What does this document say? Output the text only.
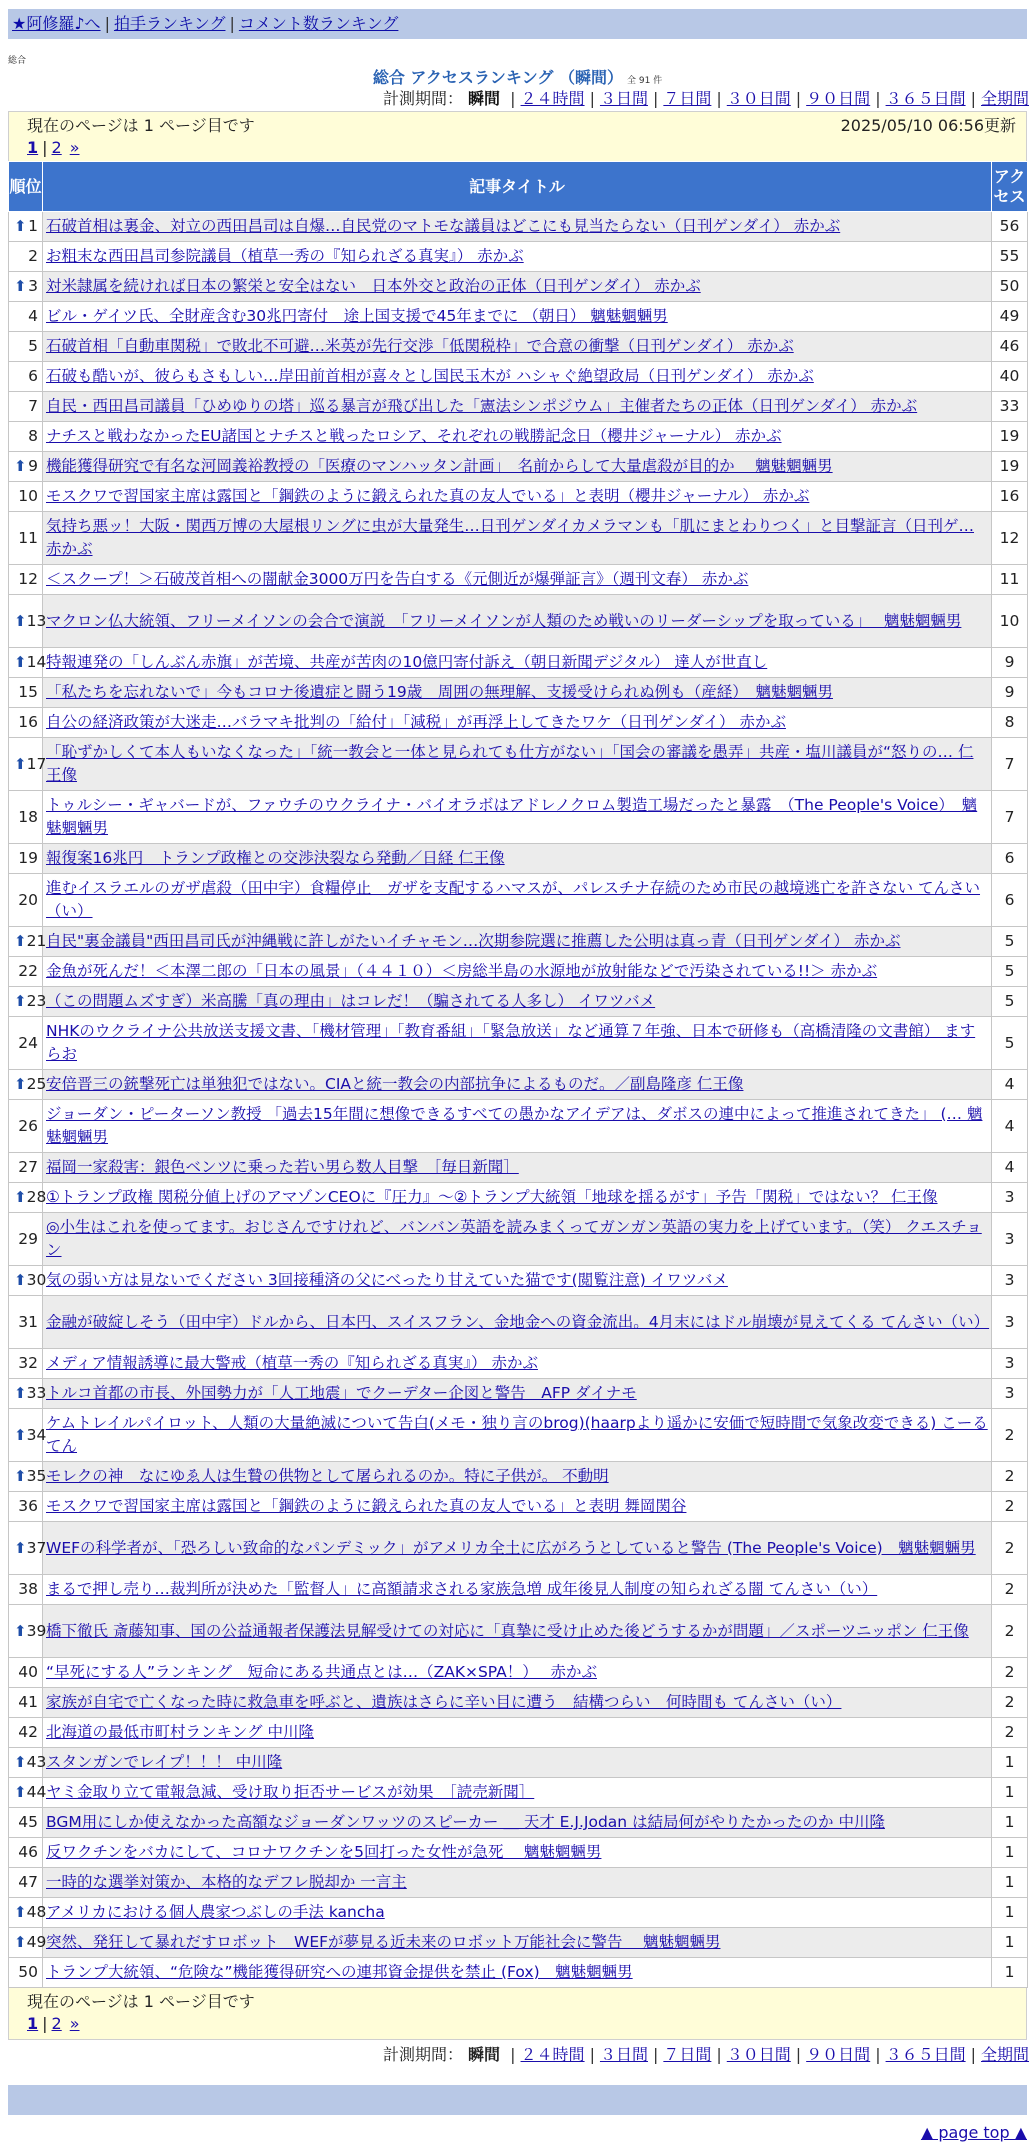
★阿修羅♪へ | 拍手ランキング | コメント数ランキング
総合
総合 アクセスランキング （瞬間） 全 91 件
計測期間： 瞬間 | ２４時間 | ３日間 | ７日間 | ３０日間 | ９０日間 | ３６５日間 | 全期間
現在のページは 1 ページ目です	2025/05/10 06:56更新
1 | 2 »
順位	記事タイトル	アクセス

⬆ 1	石破首相は裏金、対立の西田昌司は自爆…自民党のマトモな議員はどこにも見当たらない（日刊ゲンダイ） 赤かぶ	56
2	お粗末な西田昌司参院議員（植草一秀の『知られざる真実』） 赤かぶ	55

⬆ 3	対米隷属を続ければ日本の繁栄と安全はない　日本外交と政治の正体（日刊ゲンダイ） 赤かぶ	50
4	ビル・ゲイツ氏、全財産含む30兆円寄付　途上国支援で45年までに （朝日） 魑魅魍魎男	49
5	石破首相「自動車関税」で敗北不可避…米英が先行交渉「低関税枠」で合意の衝撃（日刊ゲンダイ） 赤かぶ	46
6	石破も酷いが、彼らもさもしい…岸田前首相が喜々とし国民玉木が ハシャぐ絶望政局（日刊ゲンダイ） 赤かぶ	40
7	自民・西田昌司議員「ひめゆりの塔」巡る暴言が飛び出した「憲法シンポジウム」主催者たちの正体（日刊ゲンダイ） 赤かぶ	33
8	ナチスと戦わなかったEU諸国とナチスと戦ったロシア、それぞれの戦勝記念日（櫻井ジャーナル） 赤かぶ	19

⬆ 9	機能獲得研究で有名な河岡義裕教授の「医療のマンハッタン計画」　名前からして大量虐殺が目的か　 魑魅魍魎男	19
10	モスクワで習国家主席は露国と「鋼鉄のように鍛えられた真の友人でいる」と表明（櫻井ジャーナル） 赤かぶ	16
11	気持ち悪ッ！大阪・関西万博の大屋根リングに虫が大量発生…日刊ゲンダイカメラマンも「肌にまとわりつく」と目撃証言（日刊ゲ… 赤かぶ	12
12	＜スクープ！＞石破茂首相への闇献金3000万円を告白する《元側近が爆弾証言》（週刊文春） 赤かぶ	11

⬆ 13	マクロン仏大統領、フリーメイソンの会合で演説　「フリーメイソンが人類のため戦いのリーダーシップを取っている」　 魑魅魍魎男	10

⬆ 14	特報連発の「しんぶん赤旗」が苦境、共産が苦肉の10億円寄付訴え（朝日新聞デジタル） 達人が世直し	9
15	「私たちを忘れないで」今もコロナ後遺症と闘う19歳　周囲の無理解、支援受けられぬ例も（産経）　魑魅魍魎男	9
16	自公の経済政策が大迷走…バラマキ批判の「給付」「減税」が再浮上してきたワケ（日刊ゲンダイ） 赤かぶ	8

⬆ 17	「恥ずかしくて本人もいなくなった」「統一教会と一体と見られても仕方がない」「国会の審議を愚弄」共産・塩川議員が“怒りの… 仁王像	7
18	トゥルシー・ギャバードが、ファウチのウクライナ・バイオラボはアドレノクロム製造工場だったと暴露　（The People's Voice）　魑魅魍魎男	7
19	報復案16兆円　トランプ政権との交渉決裂なら発動／日経 仁王像	6
20	進むイスラエルのガザ虐殺（田中宇）食糧停止　ガザを支配するハマスが、パレスチナ存続のため市民の越境逃亡を許さない てんさい（い）	6

⬆ 21	自民"裏金議員"西田昌司氏が沖縄戦に許しがたいイチャモン…次期参院選に推薦した公明は真っ青（日刊ゲンダイ） 赤かぶ	5
22	金魚が死んだ！＜本澤二郎の「日本の風景」（４４１０）＜房総半島の水源地が放射能などで汚染されている!!＞ 赤かぶ	5

⬆ 23	（この問題ムズすぎ）米高騰「真の理由」はコレだ！（騙されてる人多し） イワツバメ	5
24	NHKのウクライナ公共放送支援文書、「機材管理」「教育番組」「緊急放送」など通算７年強、日本で研修も（高橋清隆の文書館） ますらお	5

⬆ 25	安倍晋三の銃撃死亡は単独犯ではない。CIAと統一教会の内部抗争によるものだ。／副島隆彦 仁王像	4
26	ジョーダン・ピーターソン教授 「過去15年間に想像できるすべての愚かなアイデアは、ダボスの連中によって推進されてきた」 (… 魑魅魍魎男	4
27	福岡一家殺害：銀色ベンツに乗った若い男ら数人目撃　［毎日新聞］	4

⬆ 28	①トランプ政権 関税分値上げのアマゾンCEOに『圧力』〜②トランプ大統領「地球を揺るがす」予告「関税」ではない？ 仁王像	3
29	◎小生はこれを使ってます。おじさんですけれど、バンバン英語を読みまくってガンガン英語の実力を上げています。（笑） クエスチョン	3

⬆ 30	気の弱い方は見ないでください 3回接種済の父にべったり甘えていた猫です(閲覧注意) イワツバメ	3
31	金融が破綻しそう（田中宇）ドルから、日本円、スイスフラン、金地金への資金流出。4月末にはドル崩壊が見えてくる てんさい（い）	3
32	メディア情報誘導に最大警戒（植草一秀の『知られざる真実』） 赤かぶ	3

⬆ 33	トルコ首都の市長、外国勢力が「人工地震」でクーデター企図と警告　AFP ダイナモ	3

⬆ 34	ケムトレイルパイロット、人類の大量絶滅について告白(メモ・独り言のbrog)(haarpより遥かに安価で短時間で気象改変できる) こーるてん	2

⬆ 35	モレクの神　なにゆゑ人は生贄の供物として屠られるのか。特に子供が。 不動明	2
36	モスクワで習国家主席は露国と「鋼鉄のように鍛えられた真の友人でいる」と表明 舞岡関谷	2

⬆ 37	WEFの科学者が、「恐ろしい致命的なパンデミック」がアメリカ全土に広がろうとしていると警告 (The People's Voice)　魑魅魍魎男	2
38	まるで押し売り…裁判所が決めた「監督人」に高額請求される家族急増 成年後見人制度の知られざる闇 てんさい（い）	2

⬆ 39	橋下徹氏 斎藤知事、国の公益通報者保護法見解受けての対応に「真摯に受け止めた後どうするかが問題」／スポーツニッポン 仁王像	2
40	“早死にする人”ランキング　短命にある共通点とは…（ZAK×SPA！）　 赤かぶ	2
41	家族が自宅で亡くなった時に救急車を呼ぶと、遺族はさらに辛い目に遭う　結構つらい　何時間も てんさい（い）	2
42	北海道の最低市町村ランキング 中川隆	2

⬆ 43	スタンガンでレイプ！！！ 中川隆	1

⬆ 44	ヤミ金取り立て電報急減、受け取り拒否サービスが効果　［読売新聞］	1
45	BGM用にしか使えなかった高額なジョーダンワッツのスピーカー ＿ 天才 E.J.Jodan は結局何がやりたかったのか 中川隆	1
46	反ワクチンをバカにして、コロナワクチンを5回打った女性が急死　 魑魅魍魎男	1
47	一時的な選挙対策か、本格的なデフレ脱却か 一言主	1

⬆ 48	アメリカにおける個人農家つぶしの手法 kancha	1

⬆ 49	突然、発狂して暴れだすロボット　WEFが夢見る近未来のロボット万能社会に警告　 魑魅魍魎男	1
50	トランプ大統領、“危険な”機能獲得研究への連邦資金提供を禁止 (Fox)　魑魅魍魎男	1
現在のページは 1 ページ目です
1 | 2 »
計測期間： 瞬間 | ２４時間 | ３日間 | ７日間 | ３０日間 | ９０日間 | ３６５日間 | 全期間
▲ page top ▲
